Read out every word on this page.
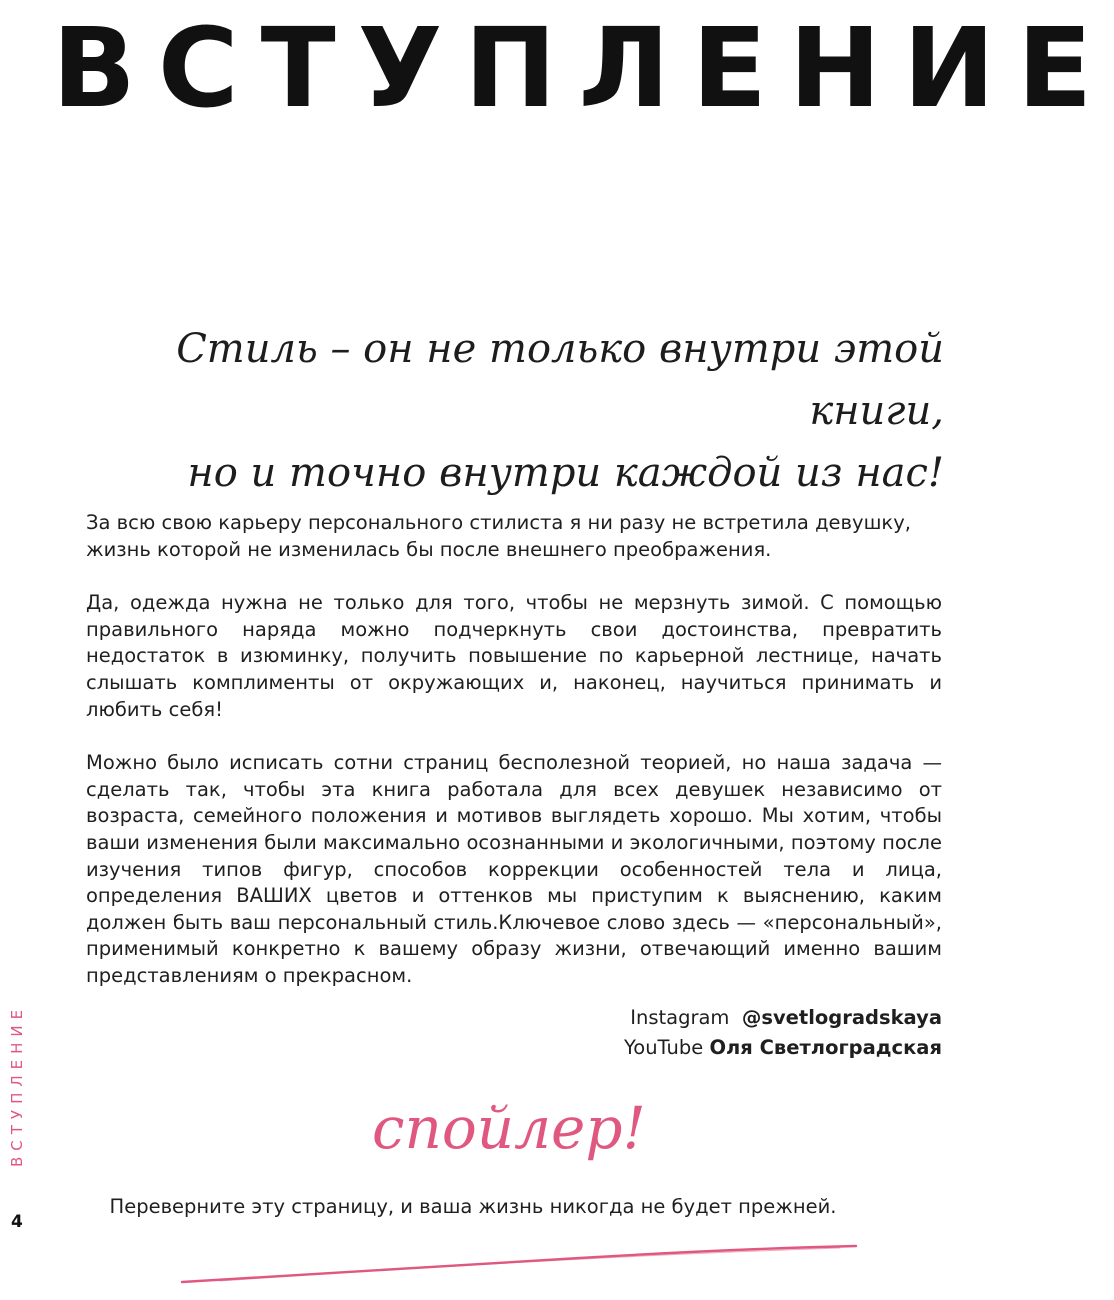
ВСТУПЛЕНИЕ
Стиль – он не только внутри этой книги,
но и точно внутри каждой из нас!

За всю свою карьеру персонального стилиста я ни разу не встретила девушку, жизнь которой не изменилась бы после внешнего преображения.

Да, одежда нужна не только для того, чтобы не мерзнуть зимой. С помощью правильного наряда можно подчеркнуть свои достоинства, превратить недостаток в изюминку, получить повышение по карьерной лестнице, начать слышать комплименты от окружающих и, наконец, научиться принимать и любить себя!

Можно было исписать сотни страниц бесполезной теорией, но наша задача — сделать так, чтобы эта книга работала для всех девушек независимо от возраста, семейного положения и мотивов выглядеть хорошо. Мы хотим, чтобы ваши изменения были максимально осознанными и экологичными, поэтому после изучения типов фигур, способов коррекции особенностей тела и лица, определения ВАШИХ цветов и оттенков мы приступим к выяснению, каким должен быть ваш персональный стиль.Ключевое слово здесь — «персональный», применимый конкретно к вашему образу жизни, отвечающий именно вашим представлениям о прекрасном.

Instagram @svetlogradskaya
YouTube Оля Светлоградская
спойлер!
Переверните эту страницу, и ваша жизнь никогда не будет прежней.
ВСТУПЛЕНИЕ
4
